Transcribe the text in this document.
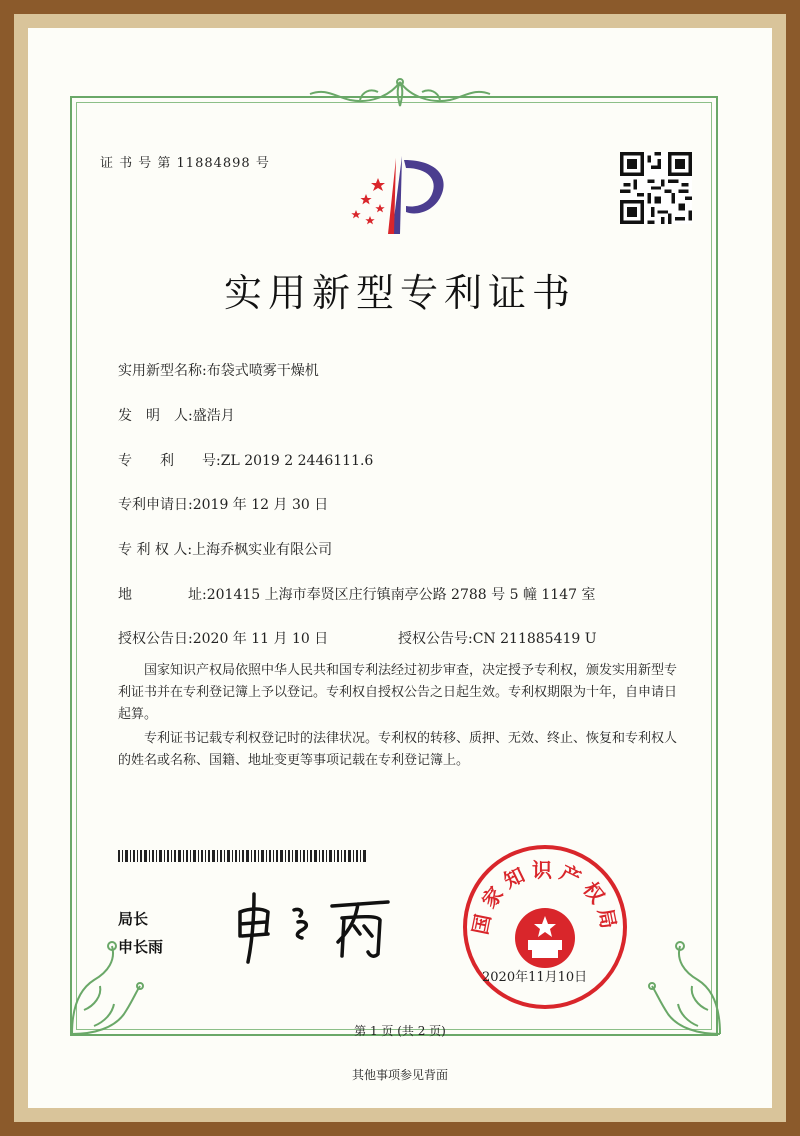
证 书 号 第 11884898 号
实用新型专利证书
实用新型名称:布袋式喷雾干燥机
发　明　人:盛浩月
专　　利　　号:ZL 2019 2 2446111.6
专利申请日:2019 年 12 月 30 日
专 利 权 人:上海乔枫实业有限公司
地　　　　址:201415 上海市奉贤区庄行镇南亭公路 2788 号 5 幢 1147 室
授权公告日:2020 年 11 月 10 日	授权公告号:CN 211885419 U
国家知识产权局依照中华人民共和国专利法经过初步审查，决定授予专利权，颁发实用新型专利证书并在专利登记簿上予以登记。专利权自授权公告之日起生效。专利权期限为十年，自申请日起算。
专利证书记载专利权登记时的法律状况。专利权的转移、质押、无效、终止、恢复和专利权人的姓名或名称、国籍、地址变更等事项记载在专利登记簿上。
局长
申长雨
国家知识产权局
2020年11月10日
第 1 页 (共 2 页)
其他事项参见背面
